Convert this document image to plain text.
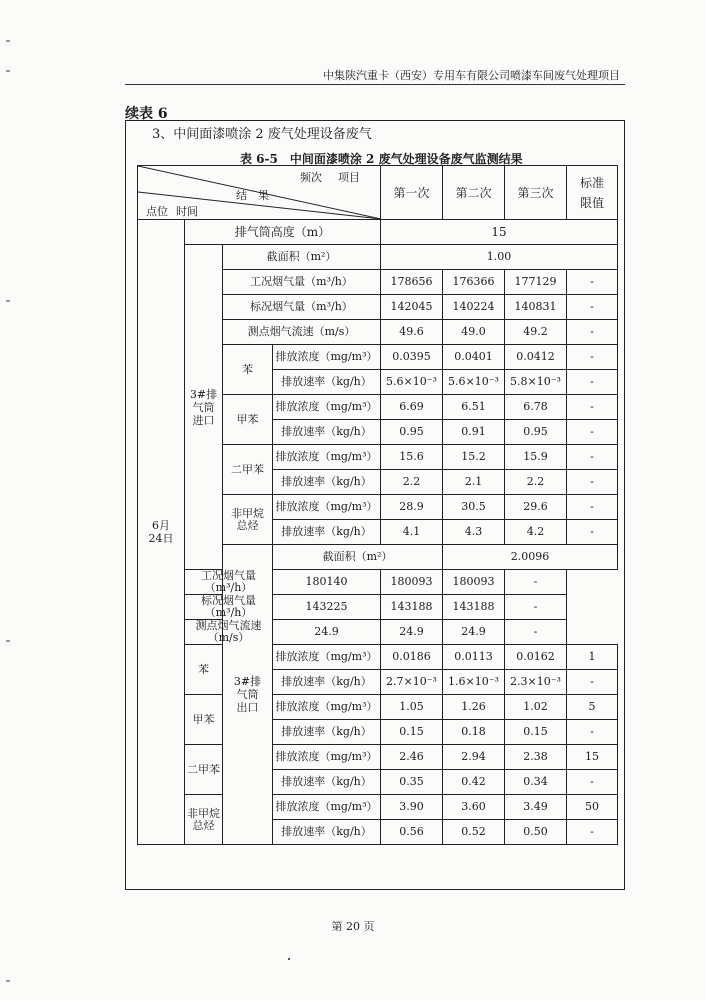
中集陕汽重卡（西安）专用车有限公司喷漆车间废气处理项目
续表 6
3、中间面漆喷涂 2 废气处理设备废气
表 6-5　中间面漆喷涂 2 废气处理设备废气监测结果
频次 项目
结　果
点位 时间				第一次	第二次	第三次	标准
限值
6月
24日	排气筒高度（m）			15			
	3#排
气筒
进口	截面积（m²）		1.00			
		工况烟气量（m³/h）		178656	176366	177129	-
		标况烟气量（m³/h）		142045	140224	140831	-
		测点烟气流速（m/s）		49.6	49.0	49.2	-
		苯	排放浓度（mg/m³）	0.0395	0.0401	0.0412	-
			排放速率（kg/h）	5.6×10⁻³	5.6×10⁻³	5.8×10⁻³	-
		甲苯	排放浓度（mg/m³）	6.69	6.51	6.78	-
			排放速率（kg/h）	0.95	0.91	0.95	-
		二甲苯	排放浓度（mg/m³）	15.6	15.2	15.9	-
			排放速率（kg/h）	2.2	2.1	2.2	-
		非甲烷
总烃	排放浓度（mg/m³）	28.9	30.5	29.6	-
			排放速率（kg/h）	4.1	4.3	4.2	-
		3#排
气筒
出口	截面积（m²）		2.0096		
	工况烟气量（m³/h）		180140	180093	180093	-	
	标况烟气量（m³/h）		143225	143188	143188	-	
	测点烟气流速（m/s）		24.9	24.9	24.9	-	
	苯		排放浓度（mg/m³）	0.0186	0.0113	0.0162	1
			排放速率（kg/h）	2.7×10⁻³	1.6×10⁻³	2.3×10⁻³	-
	甲苯		排放浓度（mg/m³）	1.05	1.26	1.02	5
			排放速率（kg/h）	0.15	0.18	0.15	-
	二甲苯		排放浓度（mg/m³）	2.46	2.94	2.38	15
			排放速率（kg/h）	0.35	0.42	0.34	-
	非甲烷
总烃		排放浓度（mg/m³）	3.90	3.60	3.49	50
			排放速率（kg/h）	0.56	0.52	0.50	-
第 20 页
